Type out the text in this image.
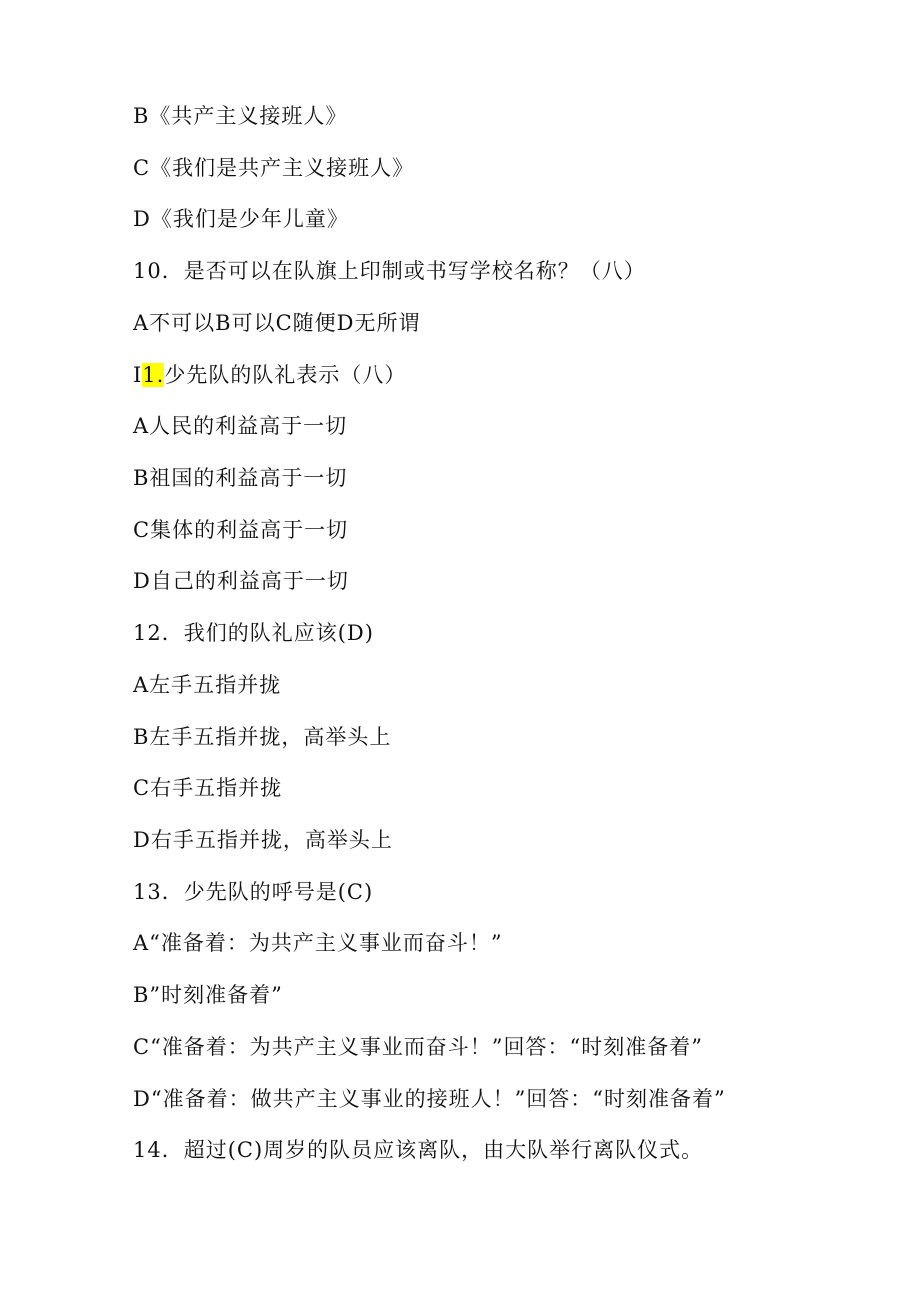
B《共产主义接班人》
C《我们是共产主义接班人》
D《我们是少年儿童》
10．是否可以在队旗上印制或书写学校名称？（八）
A不可以B可以C随便D无所谓
I1.少先队的队礼表示（八）
A人民的利益高于一切
B祖国的利益高于一切
C集体的利益高于一切
D自己的利益高于一切
12．我们的队礼应该(D)
A左手五指并拢
B左手五指并拢，高举头上
C右手五指并拢
D右手五指并拢，高举头上
13．少先队的呼号是(C)
A“准备着：为共产主义事业而奋斗！”
B”时刻准备着”
C“准备着：为共产主义事业而奋斗！”回答：“时刻准备着”
D“准备着：做共产主义事业的接班人！”回答：“时刻准备着”
14．超过(C)周岁的队员应该离队，由大队举行离队仪式。
